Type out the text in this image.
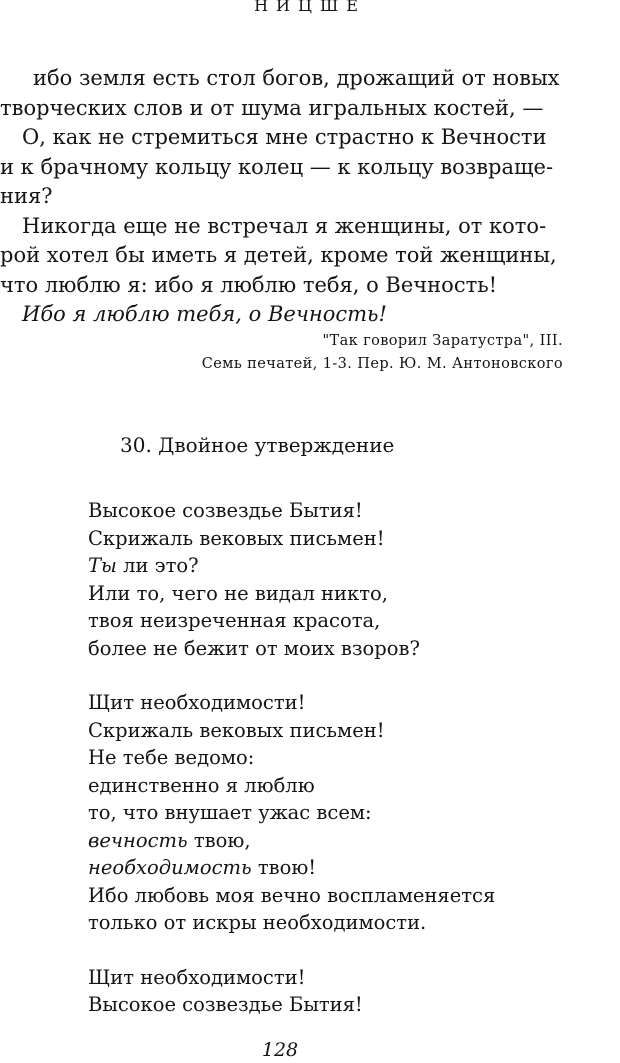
НИЦШЕ
ибо земля есть стол богов, дрожащий от новых
творческих слов и от шума игральных костей, —
О, как не стремиться мне страстно к Вечности
и к брачному кольцу колец — к кольцу возвраще-
ния?
Никогда еще не встречал я женщины, от кото-
рой хотел бы иметь я детей, кроме той женщины,
что люблю я: ибо я люблю тебя, о Вечность!
Ибо я люблю тебя, о Вечность!
"Так говорил Заратустра", III.
Семь печатей, 1-3. Пер. Ю. М. Антоновского
30. Двойное утверждение
Высокое созвездье Бытия!
Скрижаль вековых письмен!
Ты ли это?
Или то, чего не видал никто,
твоя неизреченная красота,
более не бежит от моих взоров?
Щит необходимости!
Скрижаль вековых письмен!
Не тебе ведомо:
единственно я люблю
то, что внушает ужас всем:
вечность твою,
необходимость твою!
Ибо любовь моя вечно воспламеняется
только от искры необходимости.
Щит необходимости!
Высокое созвездье Бытия!
128
